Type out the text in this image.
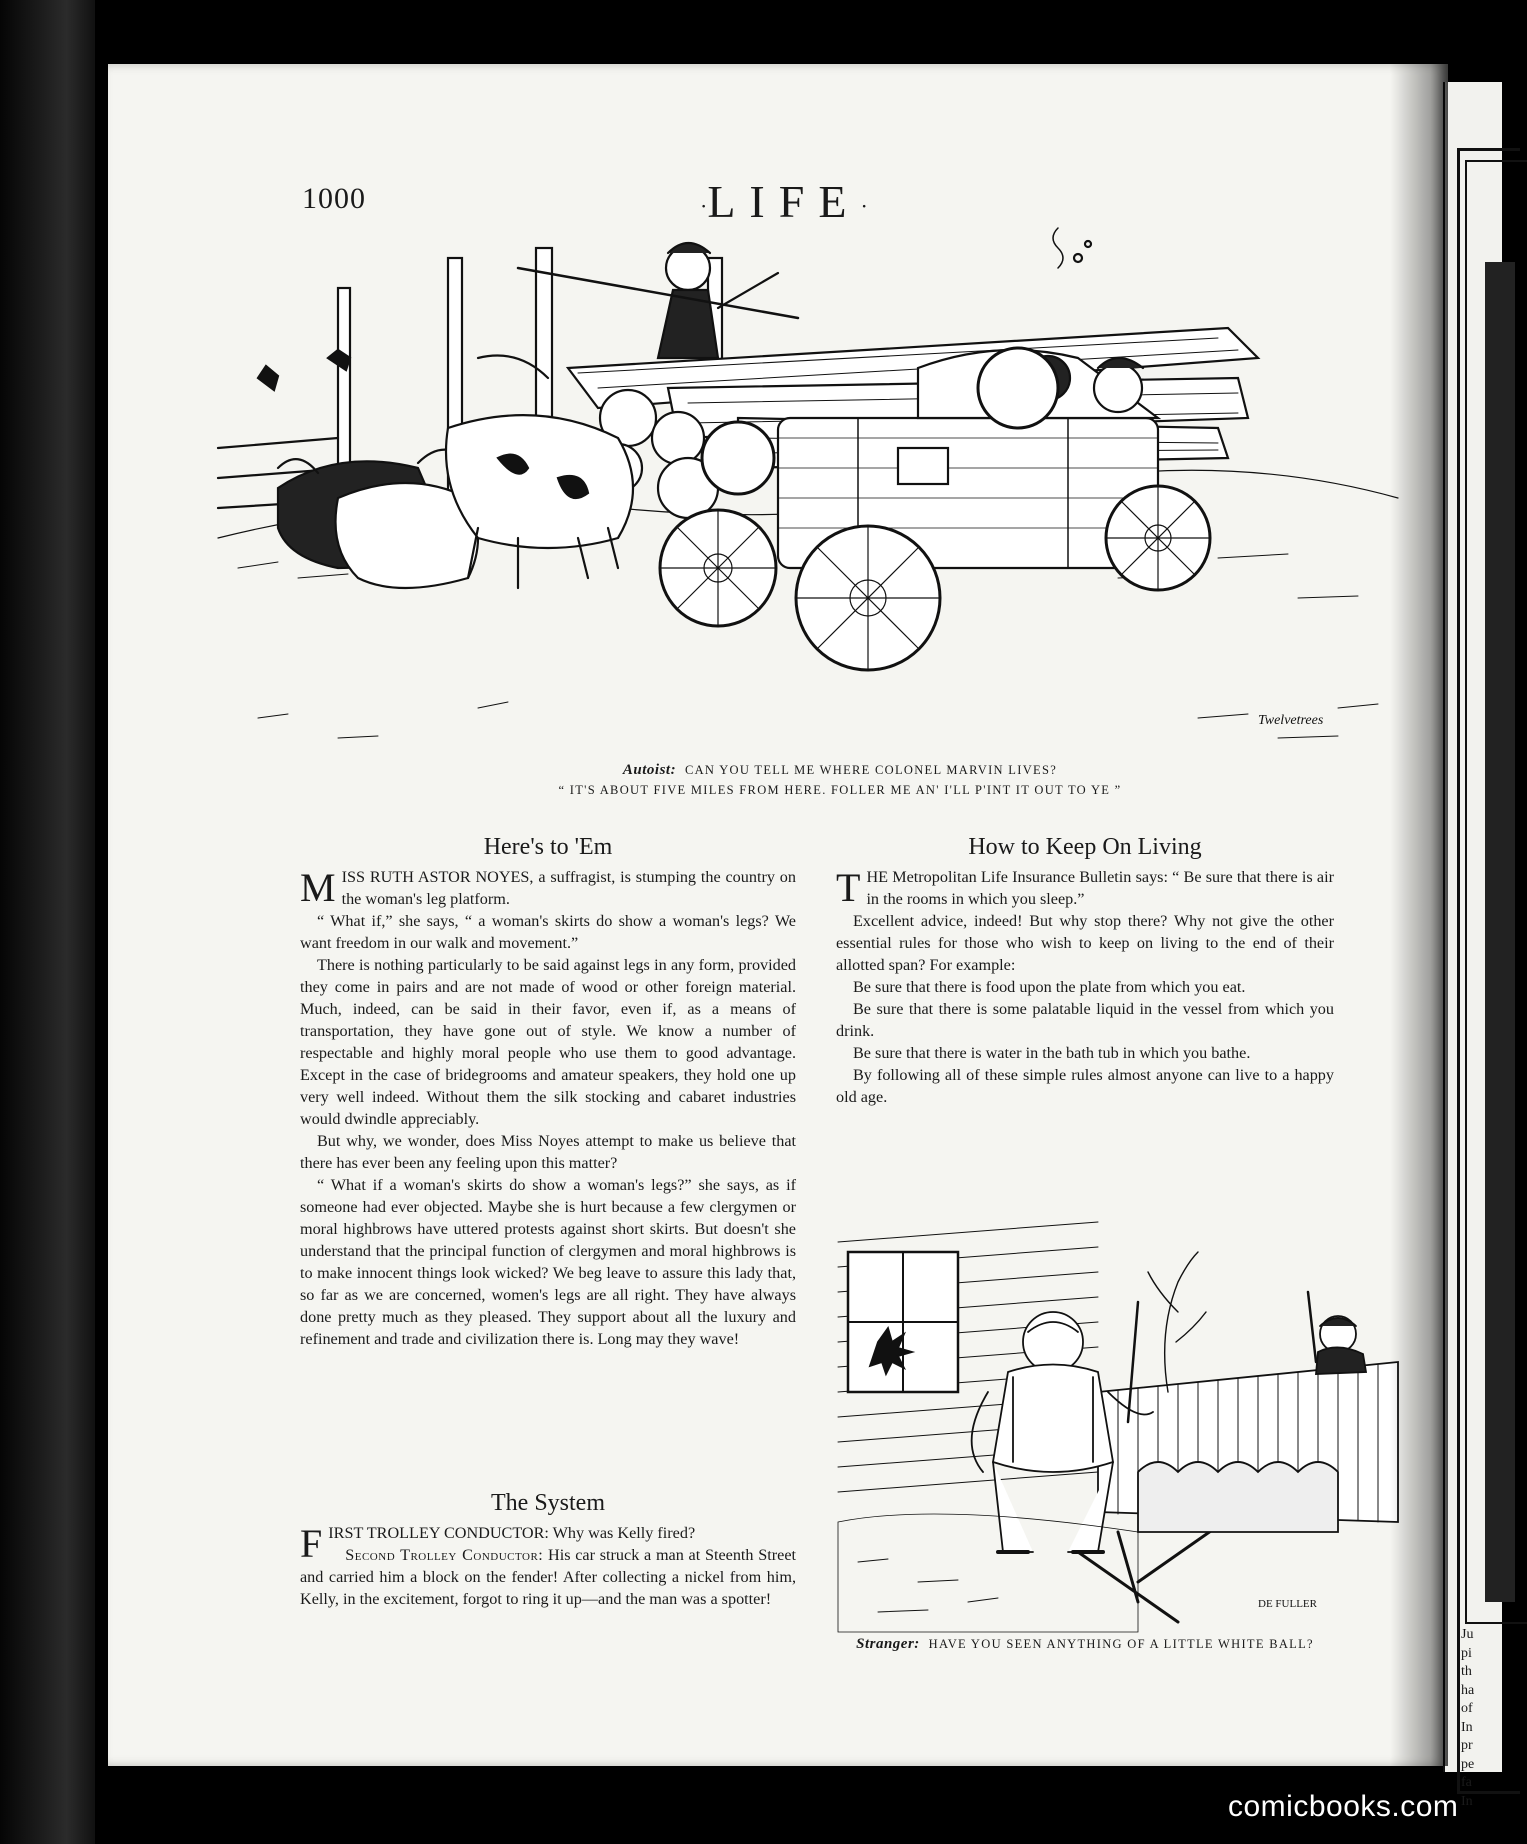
Ju
pi
th
ha
of
In
pr
pe
fa
In
1000	·LIFE·
Twelvetrees
Autoist: CAN YOU TELL ME WHERE COLONEL MARVIN LIVES?
“ IT'S ABOUT FIVE MILES FROM HERE. FOLLER ME AN' I'LL P'INT IT OUT TO YE ”
Here's to 'Em

MISS RUTH ASTOR NOYES, a suffragist, is stumping the country on the woman's leg platform.

“ What if,” she says, “ a woman's skirts do show a woman's legs? We want freedom in our walk and movement.”

There is nothing particularly to be said against legs in any form, provided they come in pairs and are not made of wood or other foreign material. Much, indeed, can be said in their favor, even if, as a means of transportation, they have gone out of style. We know a number of respectable and highly moral people who use them to good advantage. Except in the case of bridegrooms and amateur speakers, they hold one up very well indeed. Without them the silk stocking and cabaret industries would dwindle appreciably.

But why, we wonder, does Miss Noyes attempt to make us believe that there has ever been any feeling upon this matter?

“ What if a woman's skirts do show a woman's legs?” she says, as if someone had ever objected. Maybe she is hurt because a few clergymen or moral highbrows have uttered protests against short skirts. But doesn't she understand that the principal function of clergymen and moral highbrows is to make innocent things look wicked? We beg leave to assure this lady that, so far as we are concerned, women's legs are all right. They have always done pretty much as they pleased. They support about all the luxury and refinement and trade and civilization there is. Long may they wave!

How to Keep On Living

THE Metropolitan Life Insurance Bulletin says: “ Be sure that there is air in the rooms in which you sleep.”

Excellent advice, indeed! But why stop there? Why not give the other essential rules for those who wish to keep on living to the end of their allotted span? For example:

Be sure that there is food upon the plate from which you eat.

Be sure that there is some palatable liquid in the vessel from which you drink.

Be sure that there is water in the bath tub in which you bathe.

By following all of these simple rules almost anyone can live to a happy old age.

The System

FIRST TROLLEY CONDUCTOR: Why was Kelly fired?

Second Trolley Conductor: His car struck a man at Steenth Street and carried him a block on the fender! After collecting a nickel from him, Kelly, in the excitement, forgot to ring it up—and the man was a spotter!	DE FULLER
Stranger: HAVE YOU SEEN ANYTHING OF A LITTLE WHITE BALL?
comicbooks.com
